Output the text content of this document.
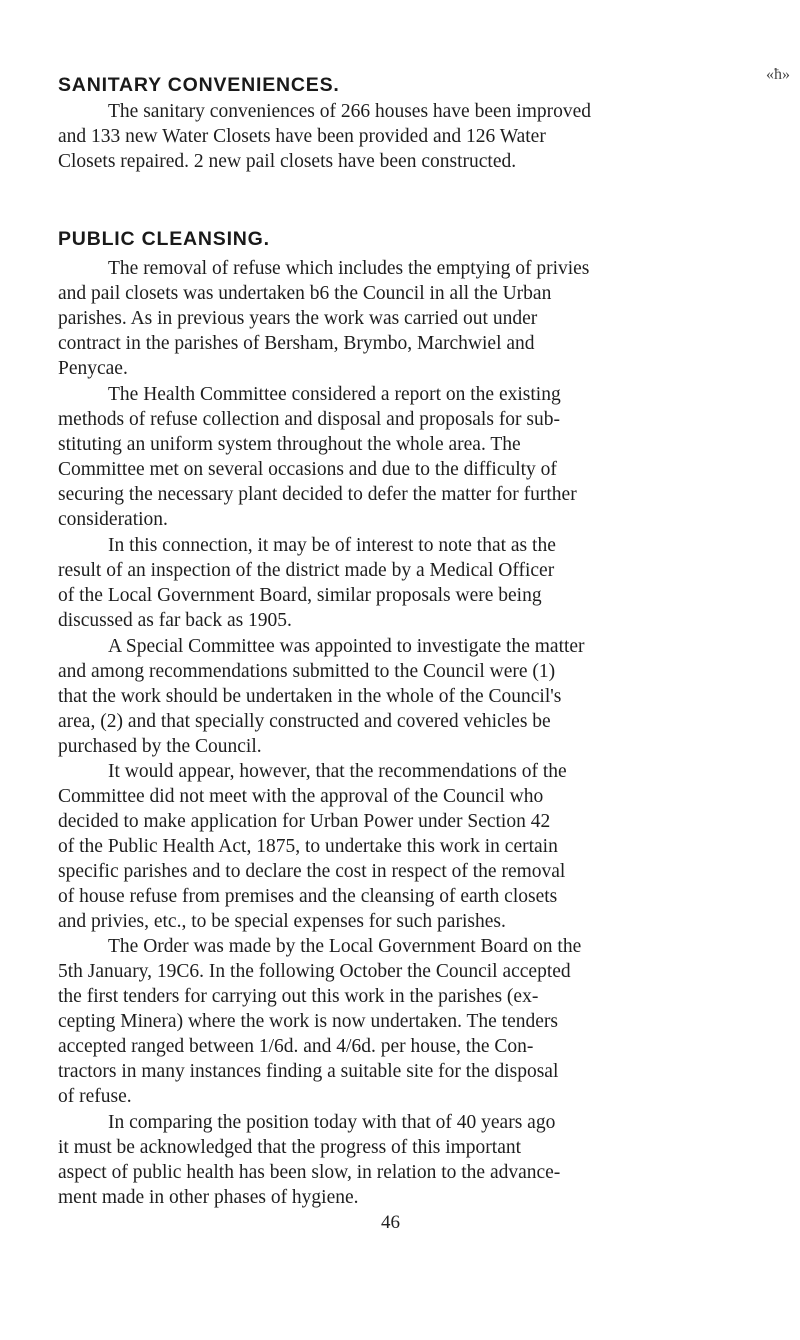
«ħ»
SANITARY CONVENIENCES.
The sanitary conveniences of 266 houses have been improved
and 133 new Water Closets have been provided and 126 Water
Closets repaired. 2 new pail closets have been constructed.
PUBLIC CLEANSING.
The removal of refuse which includes the emptying of privies
and pail closets was undertaken b6 the Council in all the Urban
parishes. As in previous years the work was carried out under
contract in the parishes of Bersham, Brymbo, Marchwiel and
Penycae.
The Health Committee considered a report on the existing
methods of refuse collection and disposal and proposals for sub-
stituting an uniform system throughout the whole area. The
Committee met on several occasions and due to the difficulty of
securing the necessary plant decided to defer the matter for further
consideration.
In this connection, it may be of interest to note that as the
result of an inspection of the district made by a Medical Officer
of the Local Government Board, similar proposals were being
discussed as far back as 1905.
A Special Committee was appointed to investigate the matter
and among recommendations submitted to the Council were (1)
that the work should be undertaken in the whole of the Council's
area, (2) and that specially constructed and covered vehicles be
purchased by the Council.
It would appear, however, that the recommendations of the
Committee did not meet with the approval of the Council who
decided to make application for Urban Power under Section 42
of the Public Health Act, 1875, to undertake this work in certain
specific parishes and to declare the cost in respect of the removal
of house refuse from premises and the cleansing of earth closets
and privies, etc., to be special expenses for such parishes.
The Order was made by the Local Government Board on the
5th January, 19C6. In the following October the Council accepted
the first tenders for carrying out this work in the parishes (ex-
cepting Minera) where the work is now undertaken. The tenders
accepted ranged between 1/6d. and 4/6d. per house, the Con-
tractors in many instances finding a suitable site for the disposal
of refuse.
In comparing the position today with that of 40 years ago
it must be acknowledged that the progress of this important
aspect of public health has been slow, in relation to the advance-
ment made in other phases of hygiene.
46
